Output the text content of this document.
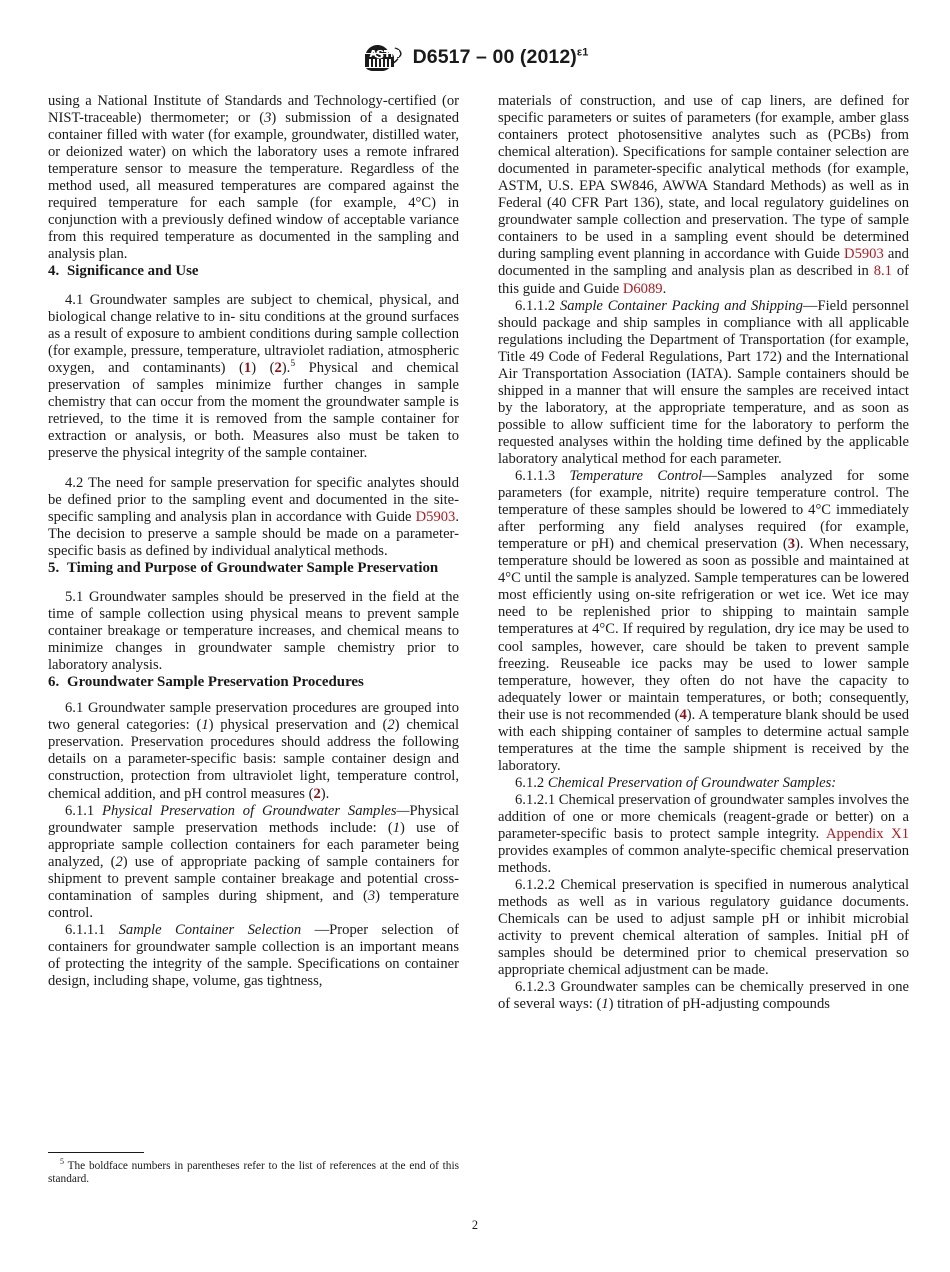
D6517 – 00 $(2012)^{\varepsilon 1}$

using a National Institute of Standards and Technology-certified (or NIST-traceable) thermometer; or (3) submission of a designated container filled with water (for example, groundwater, distilled water, or deionized water) on which the laboratory uses a remote infrared temperature sensor to measure the temperature. Regardless of the method used, all measured temperatures are compared against the required temperature for each sample (for example, 4°C) in conjunction with a previously defined window of acceptable variance from this required temperature as documented in the sampling and analysis plan.

4. Significance and Use

4.1 Groundwater samples are subject to chemical, physical, and biological change relative to in- situ conditions at the ground surfaces as a result of exposure to ambient conditions during sample collection (for example, pressure, temperature, ultraviolet radiation, atmospheric oxygen, and contaminants) (1) (2).$^5$ Physical and chemical preservation of samples minimize further changes in sample chemistry that can occur from the moment the groundwater sample is retrieved, to the time it is removed from the sample container for extraction or analysis, or both. Measures also must be taken to preserve the physical integrity of the sample container.

4.2 The need for sample preservation for specific analytes should be defined prior to the sampling event and documented in the site-specific sampling and analysis plan in accordance with Guide D5903. The decision to preserve a sample should be made on a parameter-specific basis as defined by individual analytical methods.

5. Timing and Purpose of Groundwater Sample Preservation

5.1 Groundwater samples should be preserved in the field at the time of sample collection using physical means to prevent sample container breakage or temperature increases, and chemical means to minimize changes in groundwater sample chemistry prior to laboratory analysis.

6. Groundwater Sample Preservation Procedures

6.1 Groundwater sample preservation procedures are grouped into two general categories: (1) physical preservation and (2) chemical preservation. Preservation procedures should address the following details on a parameter-specific basis: sample container design and construction, protection from ultraviolet light, temperature control, chemical addition, and pH control measures (2).

6.1.1 Physical Preservation of Groundwater Samples—Physical groundwater sample preservation methods include: (1) use of appropriate sample collection containers for each parameter being analyzed, (2) use of appropriate packing of sample containers for shipment to prevent sample container breakage and potential cross-contamination of samples during shipment, and (3) temperature control.

6.1.1.1 Sample Container Selection —Proper selection of containers for groundwater sample collection is an important means of protecting the integrity of the sample. Specifications on container design, including shape, volume, gas tightness,

materials of construction, and use of cap liners, are defined for specific parameters or suites of parameters (for example, amber glass containers protect photosensitive analytes such as (PCBs) from chemical alteration). Specifications for sample container selection are documented in parameter-specific analytical methods (for example, ASTM, U.S. EPA SW846, AWWA Standard Methods) as well as in Federal (40 CFR Part 136), state, and local regulatory guidelines on groundwater sample collection and preservation. The type of sample containers to be used in a sampling event should be determined during sampling event planning in accordance with Guide D5903 and documented in the sampling and analysis plan as described in 8.1 of this guide and Guide D6089.

6.1.1.2 Sample Container Packing and Shipping—Field personnel should package and ship samples in compliance with all applicable regulations including the Department of Transportation (for example, Title 49 Code of Federal Regulations, Part 172) and the International Air Transportation Association (IATA). Sample containers should be shipped in a manner that will ensure the samples are received intact by the laboratory, at the appropriate temperature, and as soon as possible to allow sufficient time for the laboratory to perform the requested analyses within the holding time defined by the applicable laboratory analytical method for each parameter.

6.1.1.3 Temperature Control—Samples analyzed for some parameters (for example, nitrite) require temperature control. The temperature of these samples should be lowered to 4°C immediately after performing any field analyses required (for example, temperature or pH) and chemical preservation (3). When necessary, temperature should be lowered as soon as possible and maintained at 4°C until the sample is analyzed. Sample temperatures can be lowered most efficiently using on-site refrigeration or wet ice. Wet ice may need to be replenished prior to shipping to maintain sample temperatures at 4°C. If required by regulation, dry ice may be used to cool samples, however, care should be taken to prevent sample freezing. Reuseable ice packs may be used to lower sample temperature, however, they often do not have the capacity to adequately lower or maintain temperatures, or both; consequently, their use is not recommended (4). A temperature blank should be used with each shipping container of samples to determine actual sample temperatures at the time the sample shipment is received by the laboratory.

6.1.2 Chemical Preservation of Groundwater Samples:

6.1.2.1 Chemical preservation of groundwater samples involves the addition of one or more chemicals (reagent-grade or better) on a parameter-specific basis to protect sample integrity. Appendix X1 provides examples of common analyte-specific chemical preservation methods.

6.1.2.2 Chemical preservation is specified in numerous analytical methods as well as in various regulatory guidance documents. Chemicals can be used to adjust sample pH or inhibit microbial activity to prevent chemical alteration of samples. Initial pH of samples should be determined prior to chemical preservation so appropriate chemical adjustment can be made.

6.1.2.3 Groundwater samples can be chemically preserved in one of several ways: (1) titration of pH-adjusting compounds

$^5$ The boldface numbers in parentheses refer to the list of references at the end of this standard.

2
